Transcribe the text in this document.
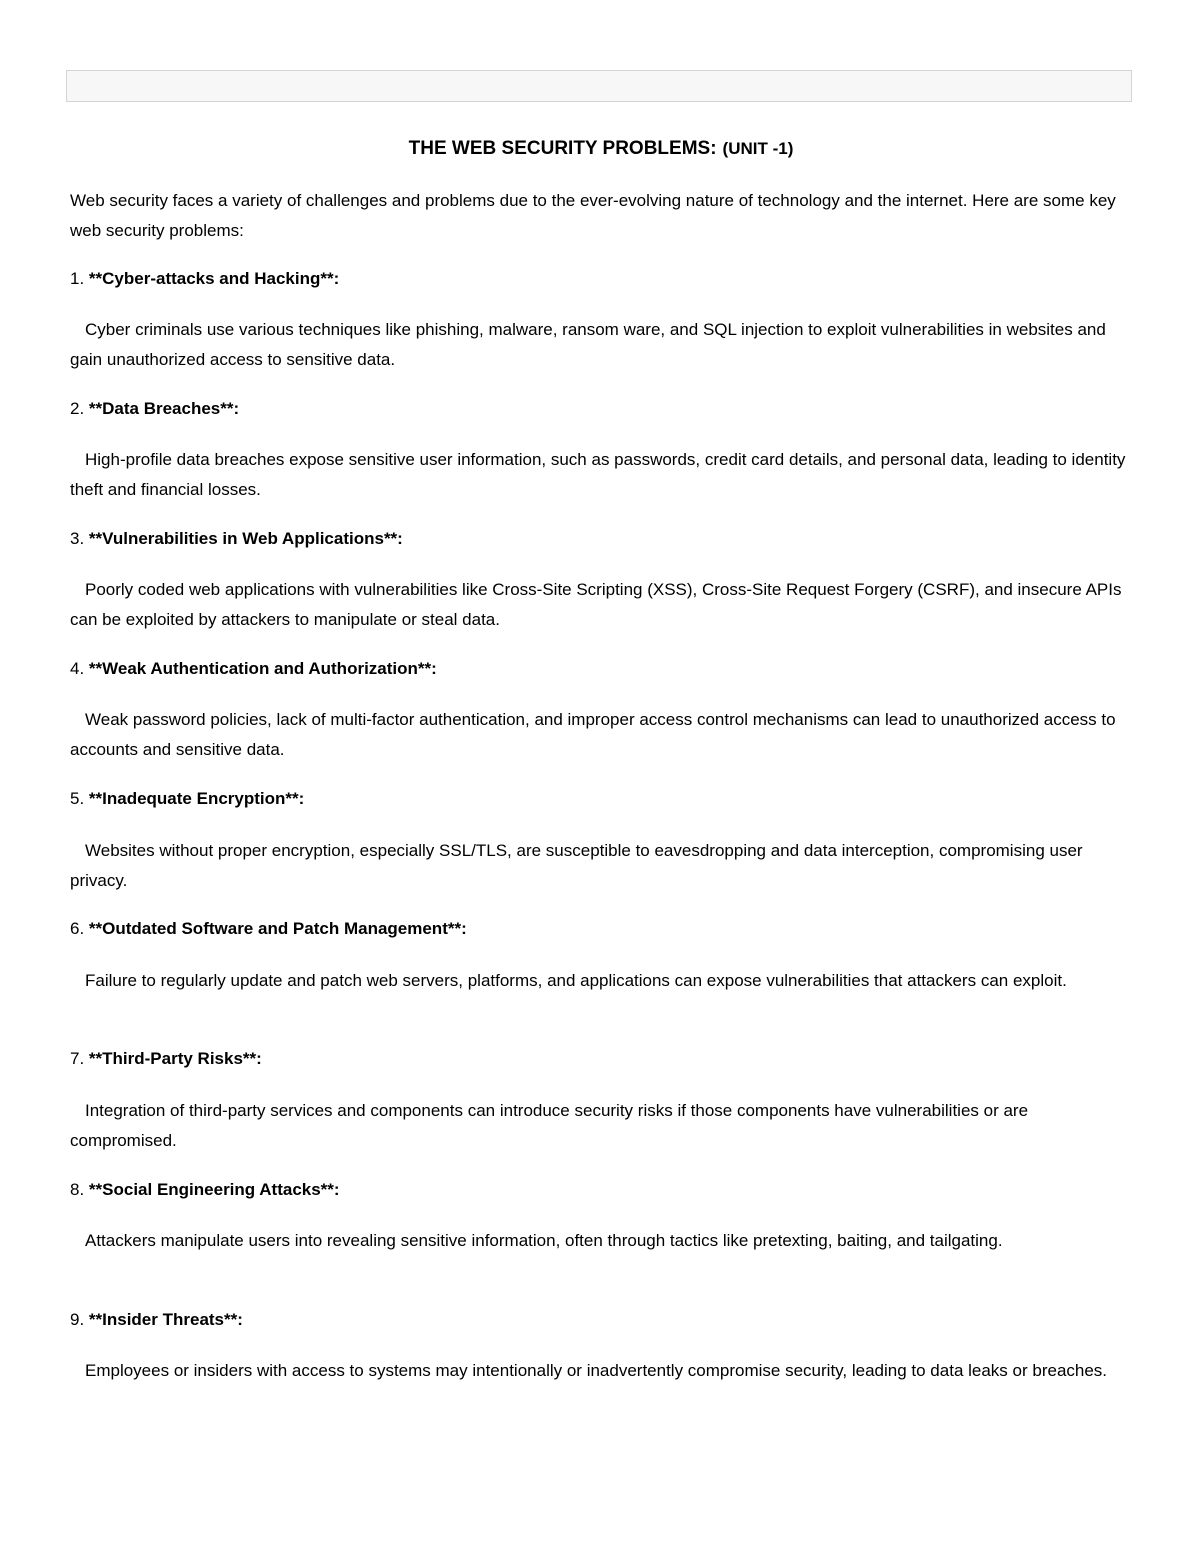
THE WEB SECURITY PROBLEMS: (UNIT -1)
Web security faces a variety of challenges and problems due to the ever-evolving nature of technology and the internet. Here are some key web security problems:
1. **Cyber-attacks and Hacking**:
Cyber criminals use various techniques like phishing, malware, ransom ware, and SQL injection to exploit vulnerabilities in websites and gain unauthorized access to sensitive data.
2. **Data Breaches**:
High-profile data breaches expose sensitive user information, such as passwords, credit card details, and personal data, leading to identity theft and financial losses.
3. **Vulnerabilities in Web Applications**:
Poorly coded web applications with vulnerabilities like Cross-Site Scripting (XSS), Cross-Site Request Forgery (CSRF), and insecure APIs can be exploited by attackers to manipulate or steal data.
4. **Weak Authentication and Authorization**:
Weak password policies, lack of multi-factor authentication, and improper access control mechanisms can lead to unauthorized access to accounts and sensitive data.
5. **Inadequate Encryption**:
Websites without proper encryption, especially SSL/TLS, are susceptible to eavesdropping and data interception, compromising user privacy.
6. **Outdated Software and Patch Management**:
Failure to regularly update and patch web servers, platforms, and applications can expose vulnerabilities that attackers can exploit.
7. **Third-Party Risks**:
Integration of third-party services and components can introduce security risks if those components have vulnerabilities or are compromised.
8. **Social Engineering Attacks**:
Attackers manipulate users into revealing sensitive information, often through tactics like pretexting, baiting, and tailgating.
9. **Insider Threats**:
Employees or insiders with access to systems may intentionally or inadvertently compromise security, leading to data leaks or breaches.
